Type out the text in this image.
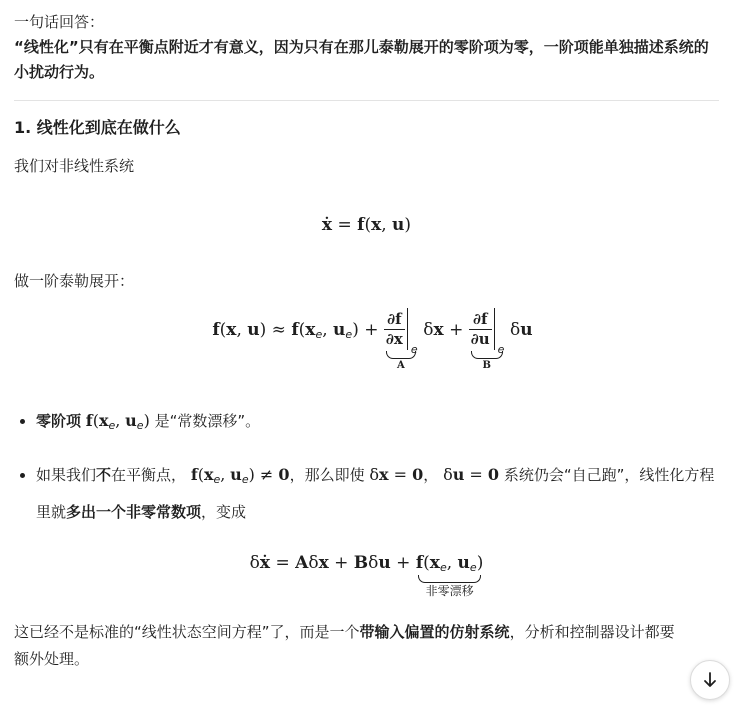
一句话回答：
“线性化”只有在平衡点附近才有意义，因为只有在那儿泰勒展开的零阶项为零，一阶项能单独描述系统的小扰动行为。
1. 线性化到底在做什么
我们对非线性系统
ẋ = f(x, u)
做一阶泰勒展开：
f(x, u) ≈ f(xe, $ue) + \frac{\partial f}{\partial x}$
e
A
$\delta x + \frac{\partial f}{\partial u}$
e
B
δu
• 零阶项 $f(x_e$, $u_e$) 是“常数漂移”。
• 如果我们不在平衡点， $f(x_e$, $u_e) \ne 0$，那么即使 δx = 0， δu = 0 系统仍会“自己跑”，线性化方程里就多出一个非零常数项，变成
δẋ = Aδx + Bδu + f(xe, ue)
非零漂移
这已经不是标准的“线性状态空间方程”了，而是一个带输入偏置的仿射系统，分析和控制器设计都要额外处理。
